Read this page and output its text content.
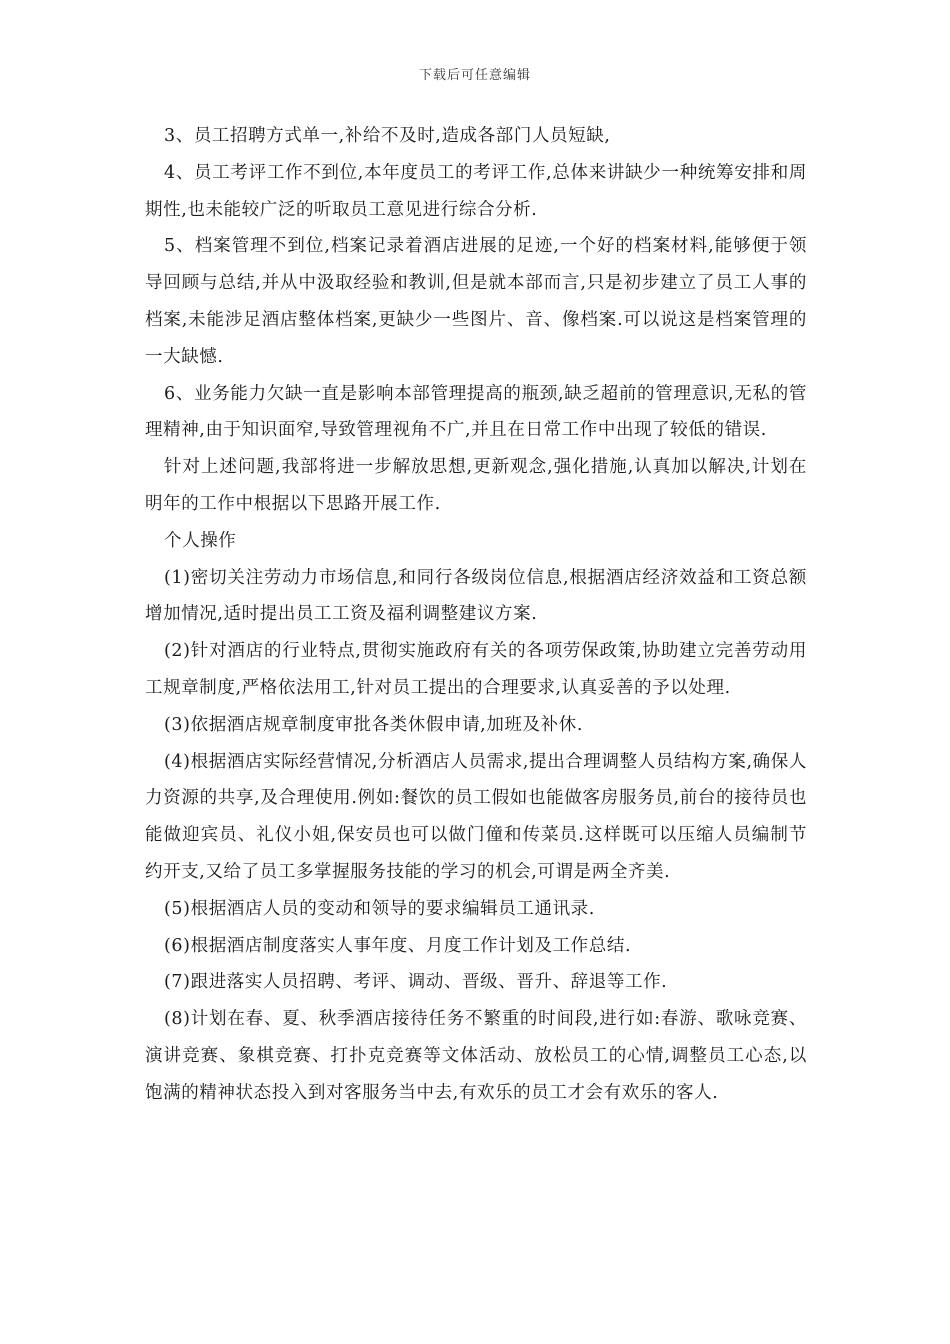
下载后可任意编辑

3、员工招聘方式单一,补给不及时,造成各部门人员短缺,

4、员工考评工作不到位,本年度员工的考评工作,总体来讲缺少一种统筹安排和周期性,也未能较广泛的听取员工意见进行综合分析.

5、档案管理不到位,档案记录着酒店进展的足迹,一个好的档案材料,能够便于领导回顾与总结,并从中汲取经验和教训,但是就本部而言,只是初步建立了员工人事的档案,未能涉足酒店整体档案,更缺少一些图片、音、像档案.可以说这是档案管理的一大缺憾.

6、业务能力欠缺一直是影响本部管理提高的瓶颈,缺乏超前的管理意识,无私的管理精神,由于知识面窄,导致管理视角不广,并且在日常工作中出现了较低的错误.

针对上述问题,我部将进一步解放思想,更新观念,强化措施,认真加以解决,计划在明年的工作中根据以下思路开展工作.

个人操作

(1)密切关注劳动力市场信息,和同行各级岗位信息,根据酒店经济效益和工资总额增加情况,适时提出员工工资及福利调整建议方案.

(2)针对酒店的行业特点,贯彻实施政府有关的各项劳保政策,协助建立完善劳动用工规章制度,严格依法用工,针对员工提出的合理要求,认真妥善的予以处理.

(3)依据酒店规章制度审批各类休假申请,加班及补休.

(4)根据酒店实际经营情况,分析酒店人员需求,提出合理调整人员结构方案,确保人力资源的共享,及合理使用.例如:餐饮的员工假如也能做客房服务员,前台的接待员也能做迎宾员、礼仪小姐,保安员也可以做门僮和传菜员.这样既可以压缩人员编制节约开支,又给了员工多掌握服务技能的学习的机会,可谓是两全齐美.

(5)根据酒店人员的变动和领导的要求编辑员工通讯录.

(6)根据酒店制度落实人事年度、月度工作计划及工作总结.

(7)跟进落实人员招聘、考评、调动、晋级、晋升、辞退等工作.

(8)计划在春、夏、秋季酒店接待任务不繁重的时间段,进行如:春游、歌咏竞赛、演讲竞赛、象棋竞赛、打扑克竞赛等文体活动、放松员工的心情,调整员工心态,以饱满的精神状态投入到对客服务当中去,有欢乐的员工才会有欢乐的客人.
